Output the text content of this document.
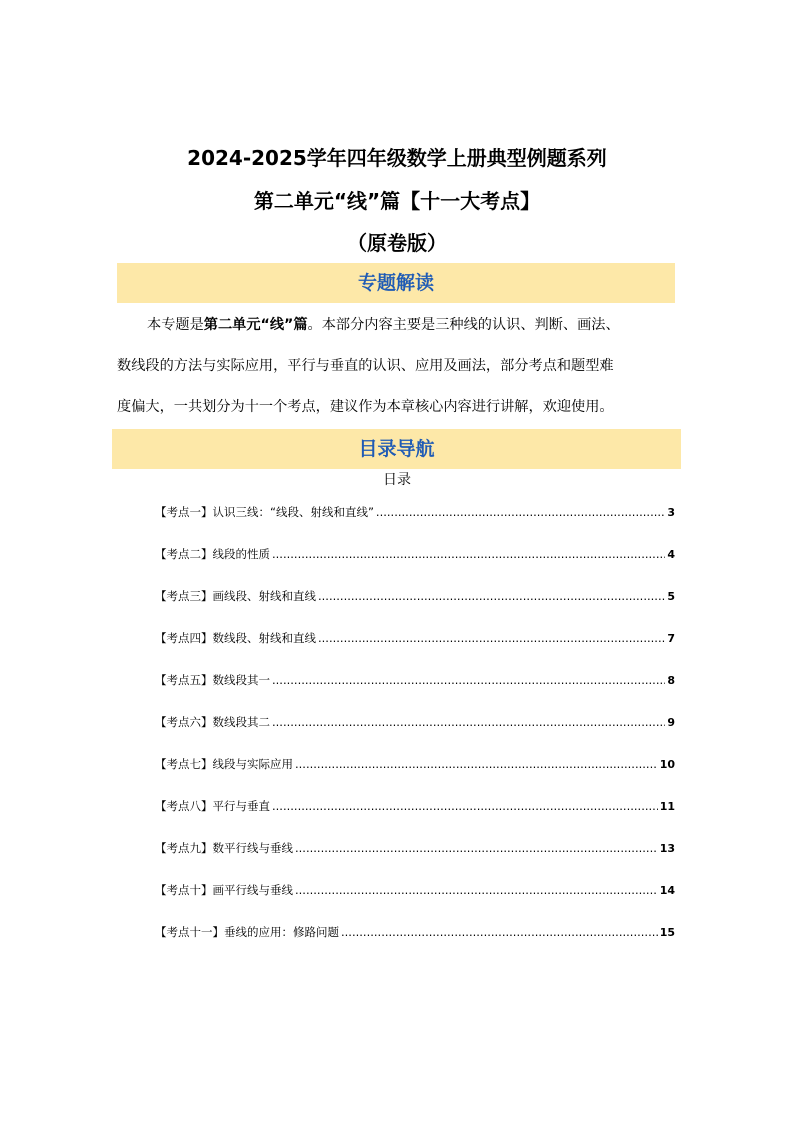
2024-2025学年四年级数学上册典型例题系列
第二单元“线”篇【十一大考点】
（原卷版）
专题解读
本专题是第二单元“线”篇。本部分内容主要是三种线的认识、判断、画法、
数线段的方法与实际应用，平行与垂直的认识、应用及画法，部分考点和题型难
度偏大，一共划分为十一个考点，建议作为本章核心内容进行讲解，欢迎使用。
目录导航
日录
【考点一】认识三线：“线段、射线和直线” .....	3
【考点二】线段的性质 .....	4
【考点三】画线段、射线和直线 .....	5
【考点四】数线段、射线和直线 .....	7
【考点五】数线段其一 .....	8
【考点六】数线段其二 .....	9
【考点七】线段与实际应用 .....	10
【考点八】平行与垂直 .....	11
【考点九】数平行线与垂线 .....	13
【考点十】画平行线与垂线 .....	14
【考点十一】垂线的应用：修路问题 .....	15
